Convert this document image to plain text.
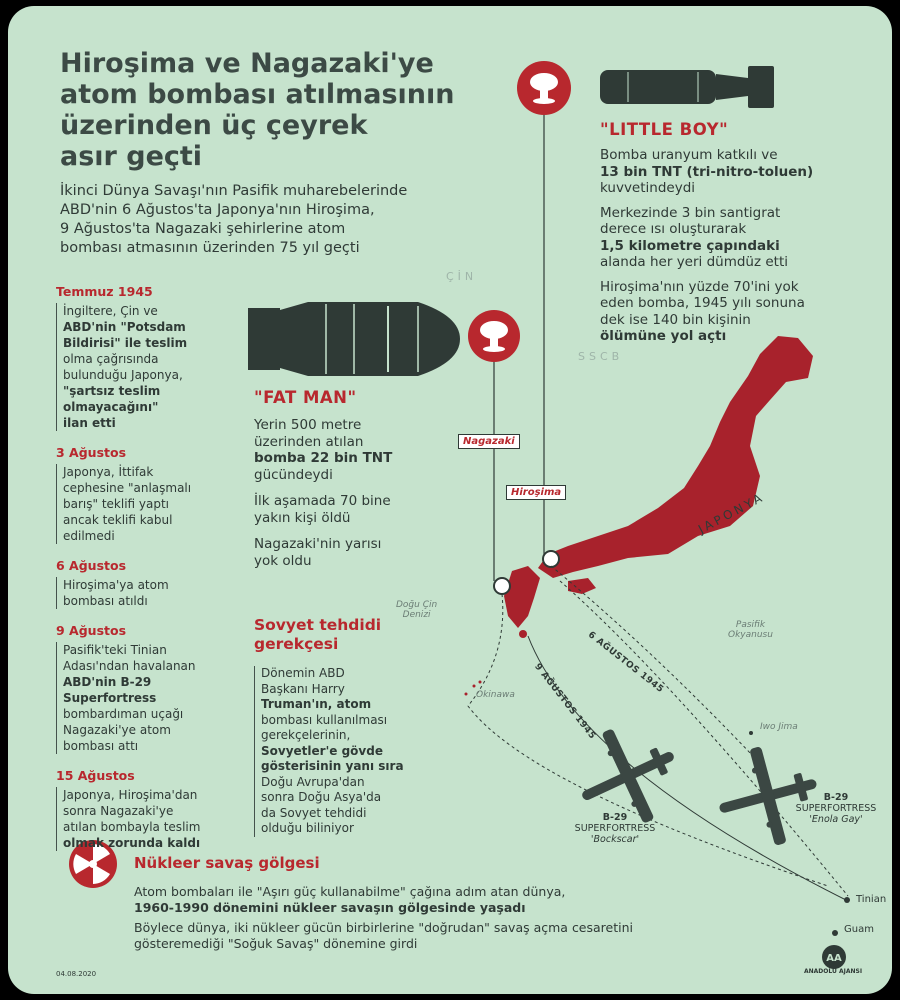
Hiroşima ve Nagazaki'ye
atom bombası atılmasının
üzerinden üç çeyrek
asır geçti
İkinci Dünya Savaşı'nın Pasifik muharebelerinde
ABD'nin 6 Ağustos'ta Japonya'nın Hiroşima,
9 Ağustos'ta Nagazaki şehirlerine atom
bombası atmasının üzerinden 75 yıl geçti
AA
ÇİN
SSCB
"LITTLE BOY"
Bomba uranyum katkılı ve
13 bin TNT (tri-nitro-toluen)
kuvvetindeydi
Merkezinde 3 bin santigrat
derece ısı oluşturarak
1,5 kilometre çapındaki
alanda her yeri dümdüz etti
Hiroşima'nın yüzde 70'ini yok
eden bomba, 1945 yılı sonuna
dek ise 140 bin kişinin
ölümüne yol açtı
"FAT MAN"
Yerin 500 metre
üzerinden atılan
bomba 22 bin TNT
gücündeydi
İlk aşamada 70 bine
yakın kişi öldü
Nagazaki'nin yarısı
yok oldu
Temmuz 1945
İngiltere, Çin ve
ABD'nin "Potsdam
Bildirisi" ile teslim
olma çağrısında
bulunduğu Japonya,
"şartsız teslim
olmayacağını"
ilan etti
3 Ağustos
Japonya, İttifak
cephesine "anlaşmalı
barış" teklifi yaptı
ancak teklifi kabul
edilmedi
6 Ağustos
Hiroşima'ya atom
bombası atıldı
9 Ağustos
Pasifik'teki Tinian
Adası'ndan havalanan
ABD'nin B-29
Superfortress
bombardıman uçağı
Nagazaki'ye atom
bombası attı
15 Ağustos
Japonya, Hiroşima'dan
sonra Nagazaki'ye
atılan bombayla teslim
olmak zorunda kaldı
Sovyet tehdidi
gerekçesi
Dönemin ABD
Başkanı Harry
Truman'ın, atom
bombası kullanılması
gerekçelerinin,
Sovyetler'e gövde
gösterisinin yanı sıra
Doğu Avrupa'dan
sonra Doğu Asya'da
da Sovyet tehdidi
olduğu biliniyor
Nagazaki
Hiroşima	JAPONYA
Doğu Çin
Denizi
Pasifik
Okyanusu
Okinawa
Iwo Jima
Tinian
Guam
9 AĞUSTOS 1945
6 AĞUSTOS 1945
B-29
SUPERFORTRESS
'Bockscar'
B-29
SUPERFORTRESS
'Enola Gay'
Nükleer savaş gölgesi
Atom bombaları ile "Aşırı güç kullanabilme" çağına adım atan dünya,
1960-1990 dönemini nükleer savaşın gölgesinde yaşadı
Böylece dünya, iki nükleer gücün birbirlerine "doğrudan" savaş açma cesaretini
gösteremediği "Soğuk Savaş" dönemine girdi
04.08.2020	ANADOLU AJANSI
